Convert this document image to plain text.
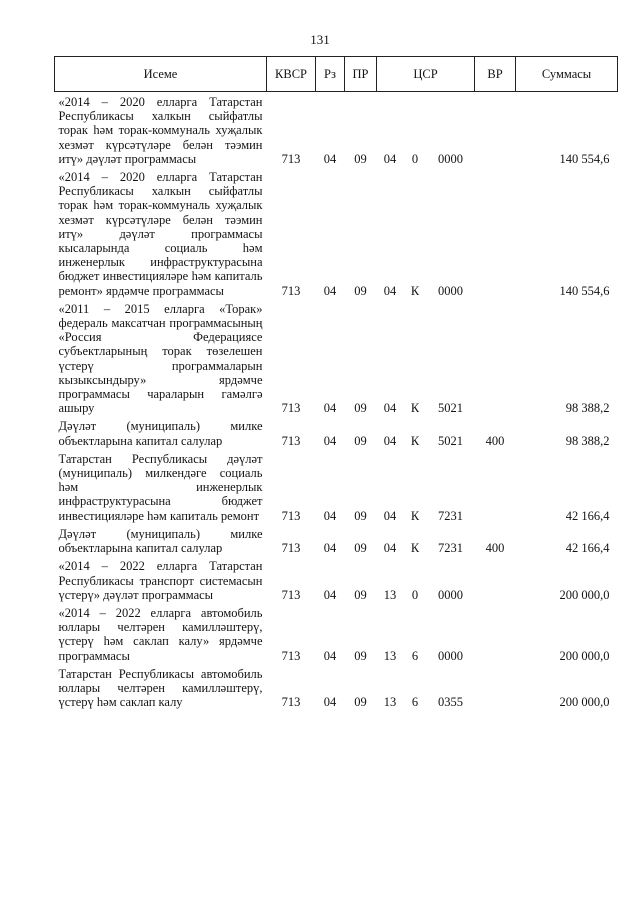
131
Исеме	КВСР	Рз	ПР	ЦСР			ВР	Суммасы
«2014 – 2020 елларга Татарстан Республикасы халкын сыйфатлы торак һәм торак-коммуналь хуҗалык хезмәт күрсәтүләре белән тәэмин итү» дәүләт программасы	713	04	09	04	0	0000		140 554,6
«2014 – 2020 елларга Татарстан Республикасы халкын сыйфатлы торак һәм торак-коммуналь хуҗалык хезмәт күрсәтүләре белән тәэмин итү» дәүләт программасы кысаларында социаль һәм инженерлык инфраструктурасына бюджет инвестицияләре һәм капиталь ремонт» ярдәмче программасы	713	04	09	04	К	0000		140 554,6
«2011 – 2015 елларга «Торак» федераль максатчан программасының «Россия Федерациясе субъектларының торак төзелешен үстерү программаларын кызыксындыру» ярдәмче программасы чараларын гамәлгә ашыру	713	04	09	04	К	5021		98 388,2
Дәүләт (муниципаль) милке объектларына капитал салулар	713	04	09	04	К	5021	400	98 388,2
Татарстан Республикасы дәүләт (муниципаль) милкендәге социаль һәм инженерлык инфраструктурасына бюджет инвестицияләре һәм капиталь ремонт	713	04	09	04	К	7231		42 166,4
Дәүләт (муниципаль) милке объектларына капитал салулар	713	04	09	04	К	7231	400	42 166,4
«2014 – 2022 елларга Татарстан Республикасы транспорт системасын үстерү» дәүләт программасы	713	04	09	13	0	0000		200 000,0
«2014 – 2022 елларга автомобиль юллары челтәрен камилләштерү, үстерү һәм саклап калу» ярдәмче программасы	713	04	09	13	6	0000		200 000,0
Татарстан Республикасы автомобиль юллары челтәрен камилләштерү, үстерү һәм саклап калу	713	04	09	13	6	0355		200 000,0
